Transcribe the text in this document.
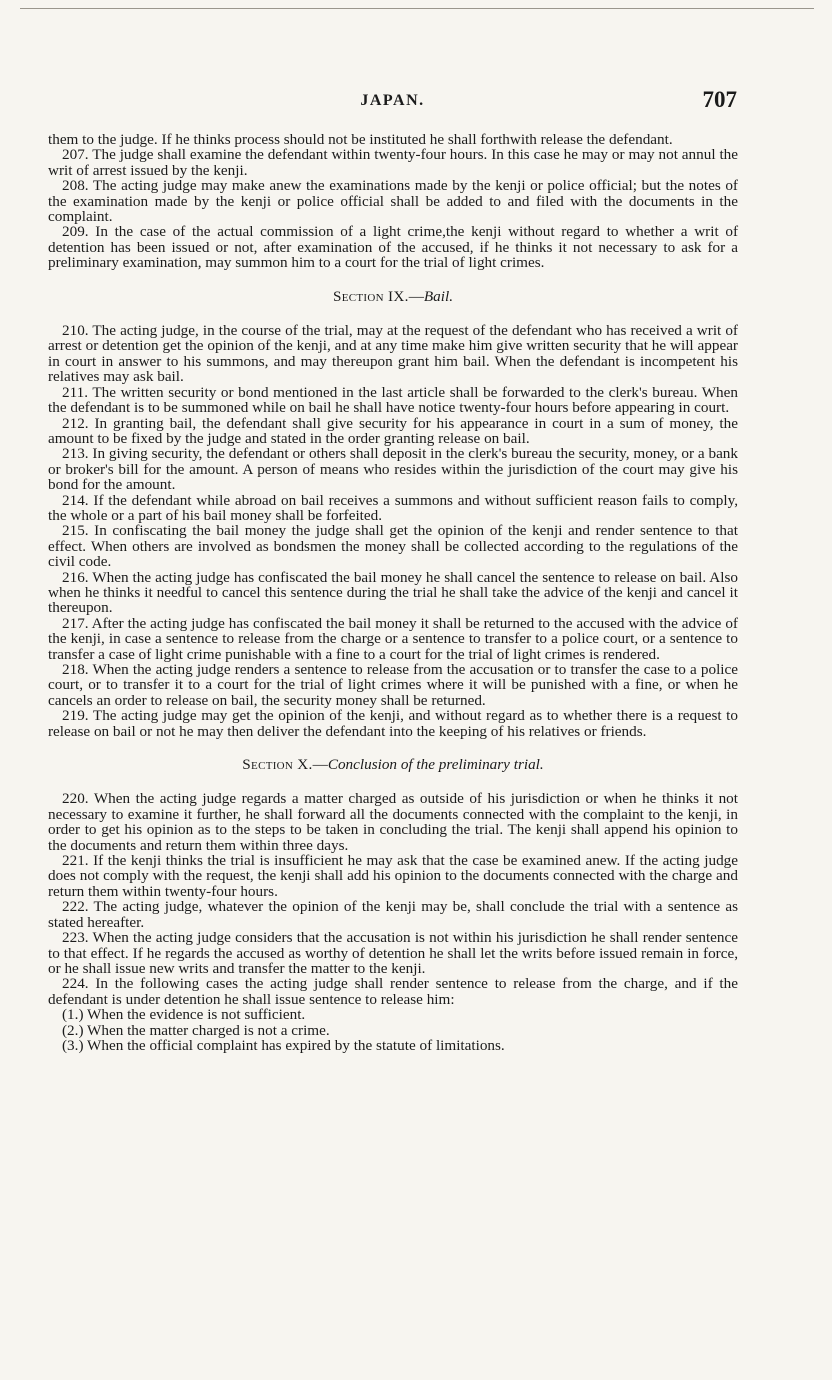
JAPAN.	707

them to the judge. If he thinks process should not be instituted he shall forthwith release the defendant.

207. The judge shall examine the defendant within twenty-four hours. In this case he may or may not annul the writ of arrest issued by the kenji.

208. The acting judge may make anew the examinations made by the kenji or police official; but the notes of the examination made by the kenji or police official shall be added to and filed with the documents in the complaint.

209. In the case of the actual commission of a light crime,the kenji without regard to whether a writ of detention has been issued or not, after examination of the accused, if he thinks it not necessary to ask for a preliminary examination, may summon him to a court for the trial of light crimes.

Section IX.—Bail.

210. The acting judge, in the course of the trial, may at the request of the defendant who has received a writ of arrest or detention get the opinion of the kenji, and at any time make him give written security that he will appear in court in answer to his summons, and may thereupon grant him bail. When the defendant is incompetent his relatives may ask bail.

211. The written security or bond mentioned in the last article shall be forwarded to the clerk's bureau. When the defendant is to be summoned while on bail he shall have notice twenty-four hours before appearing in court.

212. In granting bail, the defendant shall give security for his appearance in court in a sum of money, the amount to be fixed by the judge and stated in the order granting release on bail.

213. In giving security, the defendant or others shall deposit in the clerk's bureau the security, money, or a bank or broker's bill for the amount. A person of means who resides within the jurisdiction of the court may give his bond for the amount.

214. If the defendant while abroad on bail receives a summons and without sufficient reason fails to comply, the whole or a part of his bail money shall be forfeited.

215. In confiscating the bail money the judge shall get the opinion of the kenji and render sentence to that effect. When others are involved as bondsmen the money shall be collected according to the regulations of the civil code.

216. When the acting judge has confiscated the bail money he shall cancel the sentence to release on bail. Also when he thinks it needful to cancel this sentence during the trial he shall take the advice of the kenji and cancel it thereupon.

217. After the acting judge has confiscated the bail money it shall be returned to the accused with the advice of the kenji, in case a sentence to release from the charge or a sentence to transfer to a police court, or a sentence to transfer a case of light crime punishable with a fine to a court for the trial of light crimes is rendered.

218. When the acting judge renders a sentence to release from the accusation or to transfer the case to a police court, or to transfer it to a court for the trial of light crimes where it will be punished with a fine, or when he cancels an order to release on bail, the security money shall be returned.

219. The acting judge may get the opinion of the kenji, and without regard as to whether there is a request to release on bail or not he may then deliver the defendant into the keeping of his relatives or friends.

Section X.—Conclusion of the preliminary trial.

220. When the acting judge regards a matter charged as outside of his jurisdiction or when he thinks it not necessary to examine it further, he shall forward all the documents connected with the complaint to the kenji, in order to get his opinion as to the steps to be taken in concluding the trial. The kenji shall append his opinion to the documents and return them within three days.

221. If the kenji thinks the trial is insufficient he may ask that the case be examined anew. If the acting judge does not comply with the request, the kenji shall add his opinion to the documents connected with the charge and return them within twenty-four hours.

222. The acting judge, whatever the opinion of the kenji may be, shall conclude the trial with a sentence as stated hereafter.

223. When the acting judge considers that the accusation is not within his jurisdiction he shall render sentence to that effect. If he regards the accused as worthy of detention he shall let the writs before issued remain in force, or he shall issue new writs and transfer the matter to the kenji.

224. In the following cases the acting judge shall render sentence to release from the charge, and if the defendant is under detention he shall issue sentence to release him:

(1.) When the evidence is not sufficient.

(2.) When the matter charged is not a crime.

(3.) When the official complaint has expired by the statute of limitations.
